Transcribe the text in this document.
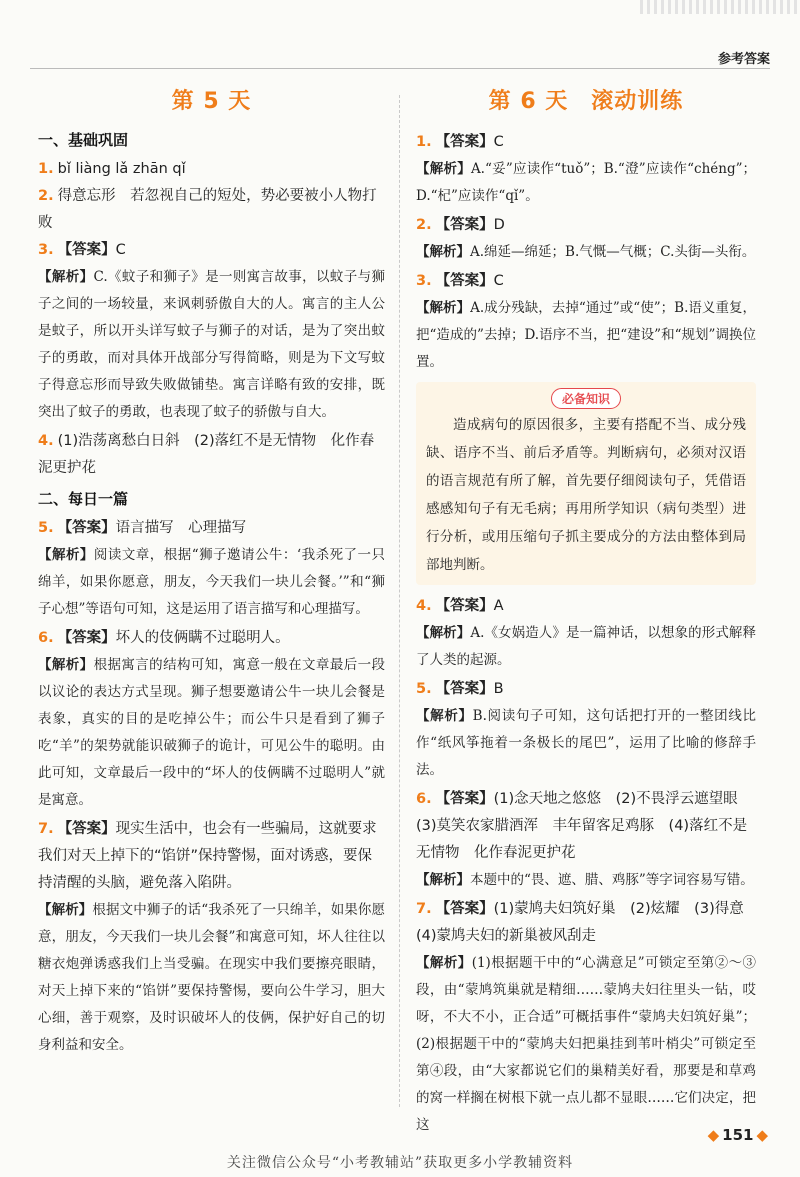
参考答案
第 5 天
一、基础巩固

1. bǐ liàng lǎ zhān qǐ

2. 得意忘形　若忽视自己的短处，势必要被小人物打败

3. 【答案】C

【解析】C.《蚊子和狮子》是一则寓言故事，以蚊子与狮子之间的一场较量，来讽刺骄傲自大的人。寓言的主人公是蚊子，所以开头详写蚊子与狮子的对话，是为了突出蚊子的勇敢，而对具体开战部分写得简略，则是为下文写蚊子得意忘形而导致失败做铺垫。寓言详略有致的安排，既突出了蚊子的勇敢，也表现了蚊子的骄傲与自大。

4. (1)浩荡离愁白日斜　(2)落红不是无情物　化作春泥更护花

二、每日一篇

5. 【答案】语言描写　心理描写

【解析】阅读文章，根据“狮子邀请公牛：‘我杀死了一只绵羊，如果你愿意，朋友，今天我们一块儿会餐。’”和“狮子心想”等语句可知，这是运用了语言描写和心理描写。

6. 【答案】坏人的伎俩瞒不过聪明人。

【解析】根据寓言的结构可知，寓意一般在文章最后一段以议论的表达方式呈现。狮子想要邀请公牛一块儿会餐是表象，真实的目的是吃掉公牛；而公牛只是看到了狮子吃“羊”的架势就能识破狮子的诡计，可见公牛的聪明。由此可知，文章最后一段中的“坏人的伎俩瞒不过聪明人”就是寓意。

7. 【答案】现实生活中，也会有一些骗局，这就要求我们对天上掉下的“馅饼”保持警惕，面对诱惑，要保持清醒的头脑，避免落入陷阱。

【解析】根据文中狮子的话“我杀死了一只绵羊，如果你愿意，朋友，今天我们一块儿会餐”和寓意可知，坏人往往以糖衣炮弹诱惑我们上当受骗。在现实中我们要擦亮眼睛，对天上掉下来的“馅饼”要保持警惕，要向公牛学习，胆大心细，善于观察，及时识破坏人的伎俩，保护好自己的切身利益和安全。

第 6 天　滚动训练

1. 【答案】C

【解析】A.“妥”应读作“tuǒ”；B.“澄”应读作“chéng”；D.“杞”应读作“qǐ”。

2. 【答案】D

【解析】A.绵延—绵延；B.气慨—气概；C.头街—头衔。

3. 【答案】C

【解析】A.成分残缺，去掉“通过”或“使”；B.语义重复，把“造成的”去掉；D.语序不当，把“建设”和“规划”调换位置。

必备知识
造成病句的原因很多，主要有搭配不当、成分残缺、语序不当、前后矛盾等。判断病句，必须对汉语的语言规范有所了解，首先要仔细阅读句子，凭借语感感知句子有无毛病；再用所学知识（病句类型）进行分析，或用压缩句子抓主要成分的方法由整体到局部地判断。

4. 【答案】A

【解析】A.《女娲造人》是一篇神话，以想象的形式解释了人类的起源。

5. 【答案】B

【解析】B.阅读句子可知，这句话把打开的一整团线比作“纸风筝拖着一条极长的尾巴”，运用了比喻的修辞手法。

6. 【答案】(1)念天地之悠悠　(2)不畏浮云遮望眼　(3)莫笑农家腊酒浑　丰年留客足鸡豚　(4)落红不是无情物　化作春泥更护花

【解析】本题中的“畏、遮、腊、鸡豚”等字词容易写错。

7. 【答案】(1)蒙鸠夫妇筑好巢　(2)炫耀　(3)得意　(4)蒙鸠夫妇的新巢被风刮走

【解析】(1)根据题干中的“心满意足”可锁定至第②～③段，由“蒙鸠筑巢就是精细……蒙鸠夫妇往里头一钻，哎呀，不大不小，正合适”可概括事件“蒙鸠夫妇筑好巢”；(2)根据题干中的“蒙鸠夫妇把巢挂到苇叶梢尖”可锁定至第④段，由“大家都说它们的巢精美好看，那要是和草鸡的窝一样搁在树根下就一点儿都不显眼……它们决定，把这

◆ 151 ◆
关注微信公众号“小考教辅站”获取更多小学教辅资料
